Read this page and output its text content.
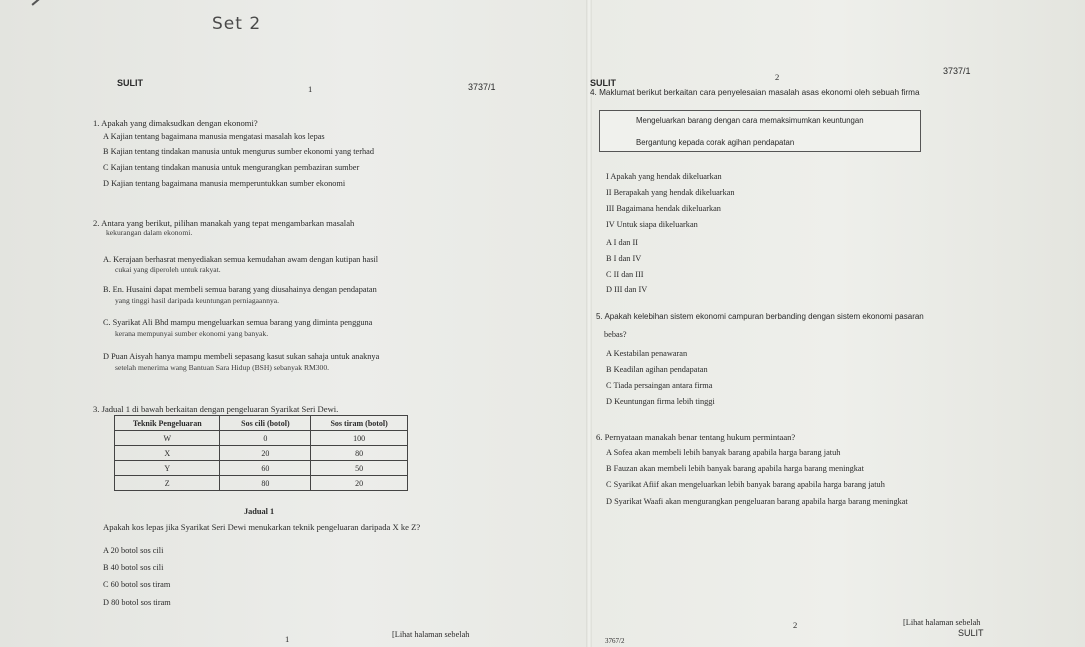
Set 2
SULIT
1	3737/1
1. Apakah yang dimaksudkan dengan ekonomi?
A Kajian tentang bagaimana manusia mengatasi masalah kos lepas
B Kajian tentang tindakan manusia untuk mengurus sumber ekonomi yang terhad
C Kajian tentang tindakan manusia untuk mengurangkan pembaziran sumber
D Kajian tentang bagaimana manusia memperuntukkan sumber ekonomi
2. Antara yang berikut, pilihan manakah yang tepat mengambarkan masalah
kekurangan dalam ekonomi.
A. Kerajaan berhasrat menyediakan semua kemudahan awam dengan kutipan hasil
cukai yang diperoleh untuk rakyat.
B. En. Husaini dapat membeli semua barang yang diusahainya dengan pendapatan
yang tinggi hasil daripada keuntungan perniagaannya.
C. Syarikat Ali Bhd mampu mengeluarkan semua barang yang diminta pengguna
kerana mempunyai sumber ekonomi yang banyak.
D Puan Aisyah hanya mampu membeli sepasang kasut sukan sahaja untuk anaknya
setelah menerima wang Bantuan Sara Hidup (BSH) sebanyak RM300.
3. Jadual 1 di bawah berkaitan dengan pengeluaran Syarikat Seri Dewi.
Teknik Pengeluaran	Sos cili (botol)	Sos tiram (botol)
W	0	100
X	20	80
Y	60	50
Z	80	20
Jadual 1
Apakah kos lepas jika Syarikat Seri Dewi menukarkan teknik pengeluaran daripada X ke Z?
A 20 botol sos cili
B 40 botol sos cili
C 60 botol sos tiram
D 80 botol sos tiram
1	[Lihat halaman sebelah
SULIT
2
3737/1
4. Maklumat berikut berkaitan cara penyelesaian masalah asas ekonomi oleh sebuah firma
Mengeluarkan barang dengan cara memaksimumkan keuntungan
Bergantung kepada corak agihan pendapatan
I Apakah yang hendak dikeluarkan
II Berapakah yang hendak dikeluarkan
III Bagaimana hendak dikeluarkan
IV Untuk siapa dikeluarkan
A I dan II
B I dan IV
C II dan III
D III dan IV
5. Apakah kelebihan sistem ekonomi campuran berbanding dengan sistem ekonomi pasaran
bebas?
A Kestabilan penawaran
B Keadilan agihan pendapatan
C Tiada persaingan antara firma
D Keuntungan firma lebih tinggi
6. Pernyataan manakah benar tentang hukum permintaan?
A Sofea akan membeli lebih banyak barang apabila harga barang jatuh
B Fauzan akan membeli lebih banyak barang apabila harga barang meningkat
C Syarikat Afiif akan mengeluarkan lebih banyak barang apabila harga barang jatuh
D Syarikat Waafi akan mengurangkan pengeluaran barang apabila harga barang meningkat
3767/2
2	[Lihat halaman sebelah
SULIT
